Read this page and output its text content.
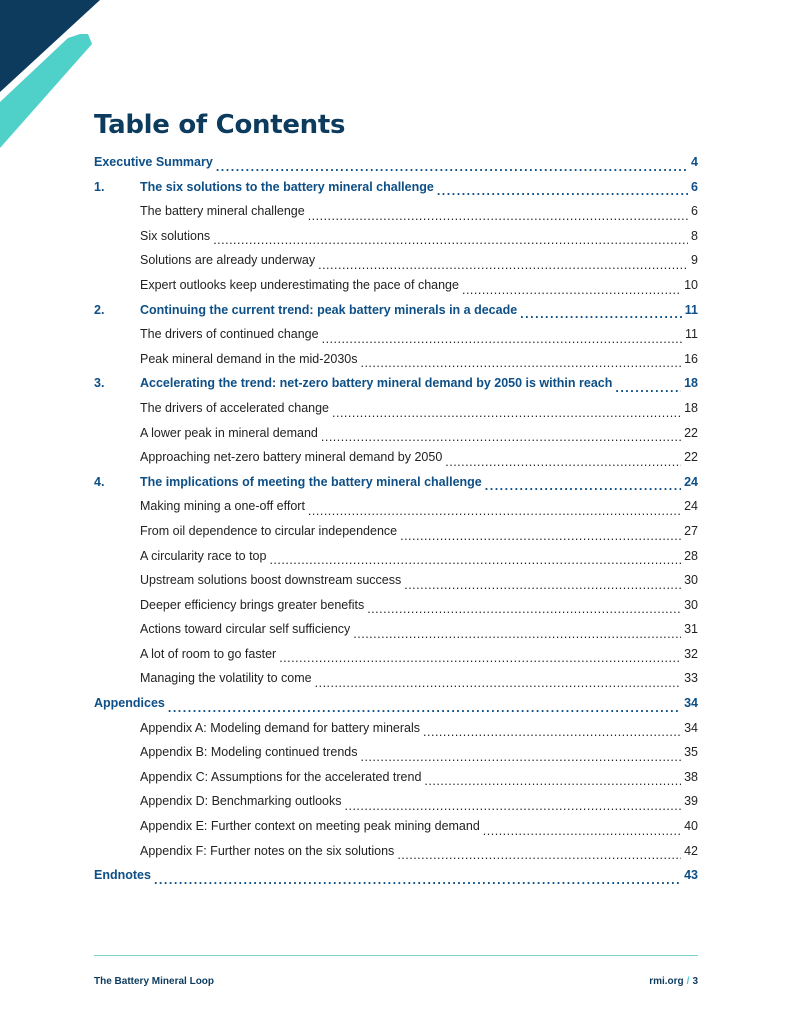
Table of Contents
Executive Summary .....	4
1.	The six solutions to the battery mineral challenge .....	6
The battery mineral challenge .....	6
Six solutions .....	8
Solutions are already underway .....	9
Expert outlooks keep underestimating the pace of change .....	10
2.	Continuing the current trend: peak battery minerals in a decade .....	11
The drivers of continued change .....	11
Peak mineral demand in the mid-2030s .....	16
3.	Accelerating the trend: net-zero battery mineral demand by 2050 is within reach .....	18
The drivers of accelerated change .....	18
A lower peak in mineral demand .....	22
Approaching net-zero battery mineral demand by 2050 .....	22
4.	The implications of meeting the battery mineral challenge .....	24
Making mining a one-off effort .....	24
From oil dependence to circular independence .....	27
A circularity race to top .....	28
Upstream solutions boost downstream success .....	30
Deeper efficiency brings greater benefits .....	30
Actions toward circular self sufficiency .....	31
A lot of room to go faster .....	32
Managing the volatility to come .....	33
Appendices .....	34
Appendix A: Modeling demand for battery minerals .....	34
Appendix B: Modeling continued trends .....	35
Appendix C: Assumptions for the accelerated trend .....	38
Appendix D: Benchmarking outlooks .....	39
Appendix E: Further context on meeting peak mining demand .....	40
Appendix F: Further notes on the six solutions .....	42
Endnotes .....	43
The Battery Mineral Loop	rmi.org / 3
